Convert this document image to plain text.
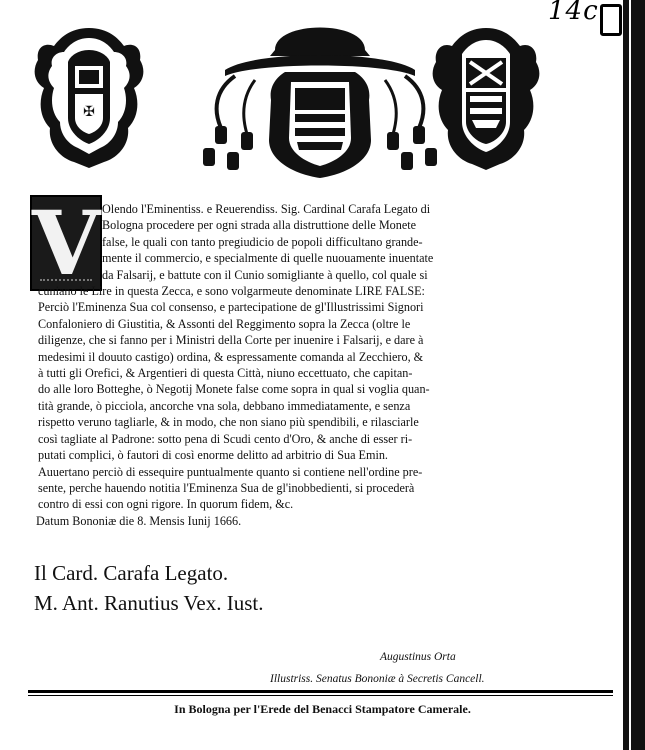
14c
✠
V Olendo l'Eminentiss. e Reuerendiss. Sig. Cardinal Carafa Legato di
Bologna procedere per ogni strada alla distruttione delle Monete
false, le quali con tanto pregiudicio de popoli difficultano grande-
mente il commercio, e specialmente di quelle nuouamente inuentate
da Falsarij, e battute con il Cunio somigliante à quello, col quale si
cuniano le Lire in questa Zecca, e sono volgarmeute denominate LIRE FALSE:
Perciò l'Eminenza Sua col consenso, e partecipatione de gl'Illustrissimi Signori
Confaloniero di Giustitia, & Assonti del Reggimento sopra la Zecca (oltre le
diligenze, che si fanno per i Ministri della Corte per inuenire i Falsarij, e dare à
medesimi il douuto castigo) ordina, & espressamente comanda al Zecchiero, &
à tutti gli Orefici, & Argentieri di questa Città, niuno eccettuato, che capitan-
do alle loro Botteghe, ò Negotij Monete false come sopra in qual si voglia quan-
tità grande, ò picciola, ancorche vna sola, debbano immediatamente, e senza
rispetto veruno tagliarle, & in modo, che non siano più spendibili, e rilasciarle
così tagliate al Padrone: sotto pena di Scudi cento d'Oro, & anche di esser ri-
putati complici, ò fautori di così enorme delitto ad arbitrio di Sua Emin.
Auuertano perciò di essequire puntualmente quanto si contiene nell'ordine pre-
sente, perche hauendo notitia l'Eminenza Sua de gl'inobbedienti, si procederà
contro di essi con ogni rigore. In quorum fidem, &c.
Datum Bononiæ die 8. Mensis Iunij 1666.
Il Card. Carafa Legato.
M. Ant. Ranutius Vex. Iust.
Augustinus Orta
Illustriss. Senatus Bononiæ à Secretis Cancell.
In Bologna per l'Erede del Benacci Stampatore Camerale.
